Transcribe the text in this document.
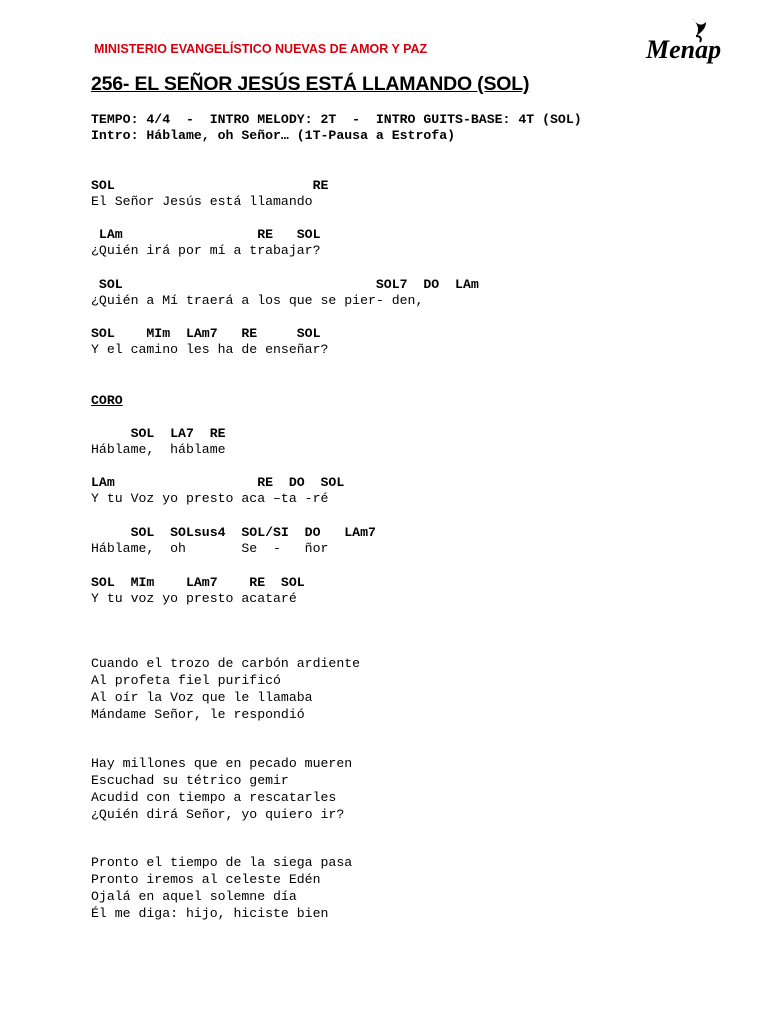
MINISTERIO EVANGELÍSTICO NUEVAS DE AMOR Y PAZ	Menap
256- EL SEÑOR JESÚS ESTÁ LLAMANDO (SOL)
TEMPO: 4/4  -  INTRO MELODY: 2T  -  INTRO GUITS-BASE: 4T (SOL)
Intro: Háblame, oh Señor… (1T-Pausa a Estrofa)
SOL                         RE
El Señor Jesús está llamando
LAm                 RE   SOL
¿Quién irá por mí a trabajar?
SOL                                SOL7  DO  LAm
¿Quién a Mí traerá a los que se pier- den,
SOL    MIm  LAm7   RE     SOL
Y el camino les ha de enseñar?
CORO
SOL  LA7  RE
Háblame,  háblame
LAm                  RE  DO  SOL
Y tu Voz yo presto aca –ta -ré
SOL  SOLsus4  SOL/SI  DO   LAm7
Háblame,  oh       Se  -   ñor
SOL  MIm    LAm7    RE  SOL
Y tu voz yo presto acataré
Cuando el trozo de carbón ardiente
Al profeta fiel purificó
Al oír la Voz que le llamaba
Mándame Señor, le respondió
Hay millones que en pecado mueren
Escuchad su tétrico gemir
Acudid con tiempo a rescatarles
¿Quién dirá Señor, yo quiero ir?
Pronto el tiempo de la siega pasa
Pronto iremos al celeste Edén
Ojalá en aquel solemne día
Él me diga: hijo, hiciste bien
